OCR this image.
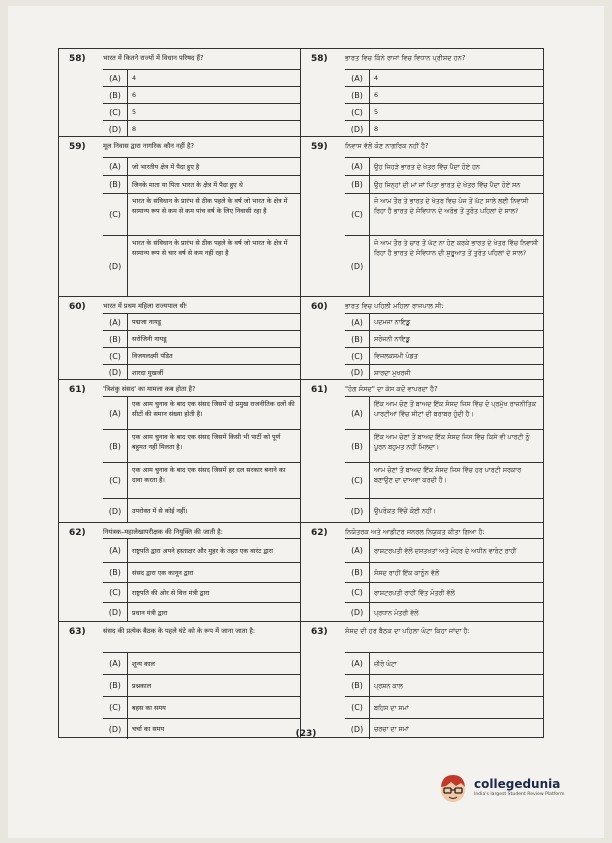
58)	भारत में कितने राज्यों में विधान परिषद हैं?
(A)	4
(B)	6
(C)	5
(D)	8
59)	मूल निवास द्वारा नागरिक कौन नहीं है?
(A)	जो भारतीय क्षेत्र में पैदा हुए है
(B)	जिनके माता या पिता भारत के क्षेत्र में पैदा हुए थे
(C)
भारत के संविधान के प्रारंभ से ठीक पहले के वर्ष जो भारत के क्षेत्र में सामान्य रूप से कम से कम पांच वर्ष के लिए निवासी रहा है
(D)
भारत के संविधान के प्रारंभ से ठीक पहले के वर्ष जो भारत के क्षेत्र में सामान्य रूप से चार वर्ष से कम नहीं रहा है
60)	भारत में प्रथम महिला राज्यपाल थीः
(A)	पद्मजा नायडू
(B)	सरोजिनी नायडू
(C)	विजयलक्ष्मी पंडित
(D)	शारदा मुखर्जी
61)	'त्रिशंकु संसद' का मामला कब होता है?
(A)
एक आम चुनाव के बाद एक संसद जिसमें दो प्रमुख राजनीतिक दलों की सीटों की समान संख्या होती है।
(B)
एक आम चुनाव के बाद एक संसद जिसमें किसी भी पार्टी को पूर्ण बहुमत नहीं मिलता है।
(C)
एक आम चुनाव के बाद एक संसद जिसमें हर दल सरकार बनाने का दावा करता है।
(D)	उपरोक्त में से कोई नहीं।
62)	नियंत्रक–महालेखापरीक्षक की नियुक्ति की जाती है:
(A)	राष्ट्रपति द्वारा अपने हस्ताक्षर और मुहर के तहत एक वारंट द्वारा
(B)	संसद द्वारा एक कानून द्वारा
(C)	राष्ट्रपति की ओर से वित्त मंत्री द्वारा
(D)	प्रधान मंत्री द्वारा
63)	संसद की प्रत्येक बैठक के पहले घंटे को के रूप में जाना जाता है:
(A)	शून्य काल
(B)	प्रश्नकाल
(C)	बहस का समय
(D)	चर्चा का समय
58)	ਭਾਰਤ ਵਿਚ ਕਿੰਨੇ ਰਾਜਾਂ ਵਿਚ ਵਿਧਾਨ ਪ੍ਰੀਸ਼ਦ ਹਨ?
(A)	4
(B)	6
(C)	5
(D)	8
59)	ਨਿਵਾਸ ਵੱਲੋਂ ਕੋਣ ਨਾਗਰਿਕ ਨਹੀਂ ਹੈ?
(A)	ਉਹ ਜਿਹੜੇ ਭਾਰਤ ਦੇ ਖੇਤਰ ਵਿੱਚ ਪੈਦਾ ਹੋਏ ਹਨ
(B)	ਉਹ ਜਿਨ੍ਹਾਂ ਦੀ ਮਾਂ ਜਾਂ ਪਿਤਾ ਭਾਰਤ ਦੇ ਖੇਤਰ ਵਿੱਚ ਪੈਦਾ ਹੋਏ ਸਨ
(C)
ਜੋ ਆਮ ਤੌਰ ਤੇ ਭਾਰਤ ਦੇ ਖੇਤਰ ਵਿਚ ਪੰਜ ਤੋਂ ਘੱਟ ਸਾਲੇ ਲਈ ਨਿਵਾਸੀ ਰਿਹਾ ਹੈ ਭਾਰਤ ਦੇ ਸੰਵਿਧਾਨ ਦੇ ਅਰੰਭ ਤੋਂ ਤੁਰੰਤ ਪਹਿਲਾਂ ਦੇ ਸਾਲ?
(D)
ਜੋ ਆਮ ਤੌਰ ਤੇ ਚਾਰ ਤੋਂ ਘੱਟ ਨਾ ਹੋਣ ਕਰਕੇ ਭਾਰਤ ਦੇ ਖੇਤਰ ਵਿੱਚ ਨਿਵਾਸੀ ਰਿਹਾ ਹੈ ਭਾਰਤ ਦੇ ਸੰਵਿਧਾਨ ਦੀ ਸ਼ੁਰੂਆਤ ਤੋਂ ਤੁਰੰਤ ਪਹਿਲਾਂ ਦੇ ਸਾਲ?
60)	ਭਾਰਤ ਵਿਚ ਪਹਿਲੀ ਮਹਿਲਾ ਰਾਜਪਾਲ ਸੀ:
(A)	ਪਦਮਜਾ ਨਾਇਡੂ
(B)	ਸਰੋਜਨੀ ਨਾਇਡੂ
(C)	ਵਿਜਲਕਸ਼ਮੀ ਪੰਡਤ
(D)	ਸ਼ਾਰਦਾ ਮੁਖਰਜੀ
61)	"ਹੰਗ ਸੰਸਦ" ਦਾ ਕੇਸ ਕਦੋਂ ਵਾਪਰਦਾ ਹੈ?
(A)
ਇੱਕ ਆਮ ਚੋਣ ਤੋਂ ਬਾਅਦ ਇੱਕ ਸੰਸਦ ਜਿਸ ਵਿੱਚ ਦੋ ਪ੍ਰਮੁੱਖ ਰਾਜਨੀਤਿਕ ਪਾਰਟੀਆਂ ਵਿੱਚ ਸੀਟਾਂ ਦੀ ਬਰਾਬਰ ਹੁੰਦੀ ਹੈ।
(B)
ਇੱਕ ਆਮ ਚੋਣਾਂ ਤੋਂ ਬਾਅਦ ਇੱਕ ਸੰਸਦ ਜਿਸ ਵਿੱਚ ਕਿਸੇ ਵੀ ਪਾਰਟੀ ਨੂੰ ਪੂਰਨ ਬਹੁਮਤ ਨਹੀਂ ਮਿਲਦਾ।
(C)
ਆਮ ਚੋਣਾਂ ਤੋਂ ਬਾਅਦ ਇੱਕ ਸੰਸਦ ਜਿਸ ਵਿੱਚ ਹਰ ਪਾਰਟੀ ਸਰਕਾਰ ਬਣਾਉਣ ਦਾ ਦਾਅਵਾ ਕਰਦੀ ਹੈ।
(D)	ਉਪਰੋਕਤ ਵਿੱਚੋਂ ਕੋਈ ਨਹੀਂ।
62)	ਨਿਯੰਤਰਕ ਅਤੇ ਆਡੀਟਰ ਜਨਰਲ ਨਿਯੁਕਤ ਕੀਤਾ ਗਿਆ ਹੈ:
(A)	ਰਾਸ਼ਟਰਪਤੀ ਵੱਲੋਂ ਦਸਤਖਤਾਂ ਅਤੇ ਮੋਹਰ ਦੇ ਅਧੀਨ ਵਾਰੰਟ ਰਾਹੀਂ
(B)	ਸੰਸਦ ਰਾਹੀਂ ਇੱਕ ਕਾਨੂੰਨ ਵੱਲੋਂ
(C)	ਰਾਸ਼ਟਰਪਤੀ ਰਾਹੀਂ ਵਿੱਤ ਮੰਤਰੀ ਵੱਲੋਂ
(D)	ਪ੍ਰਧਾਨ ਮੰਤਰੀ ਵੱਲੋਂ
63)	ਸੰਸਦ ਦੀ ਹਰ ਬੈਠਕ ਦਾ ਪਹਿਲਾ ਘੰਟਾ ਕਿਹਾ ਜਾਂਦਾ ਹੈ:
(A)	ਜ਼ੀਰੋ ਘੰਟਾ
(B)	ਪ੍ਰਸ਼ਨ ਕਾਲ
(C)	ਬਹਿਸ ਦਾ ਸਮਾਂ
(D)	ਚਰਚਾ ਦਾ ਸਮਾਂ
(23)
collegedunia
India's largest Student Review Platform
